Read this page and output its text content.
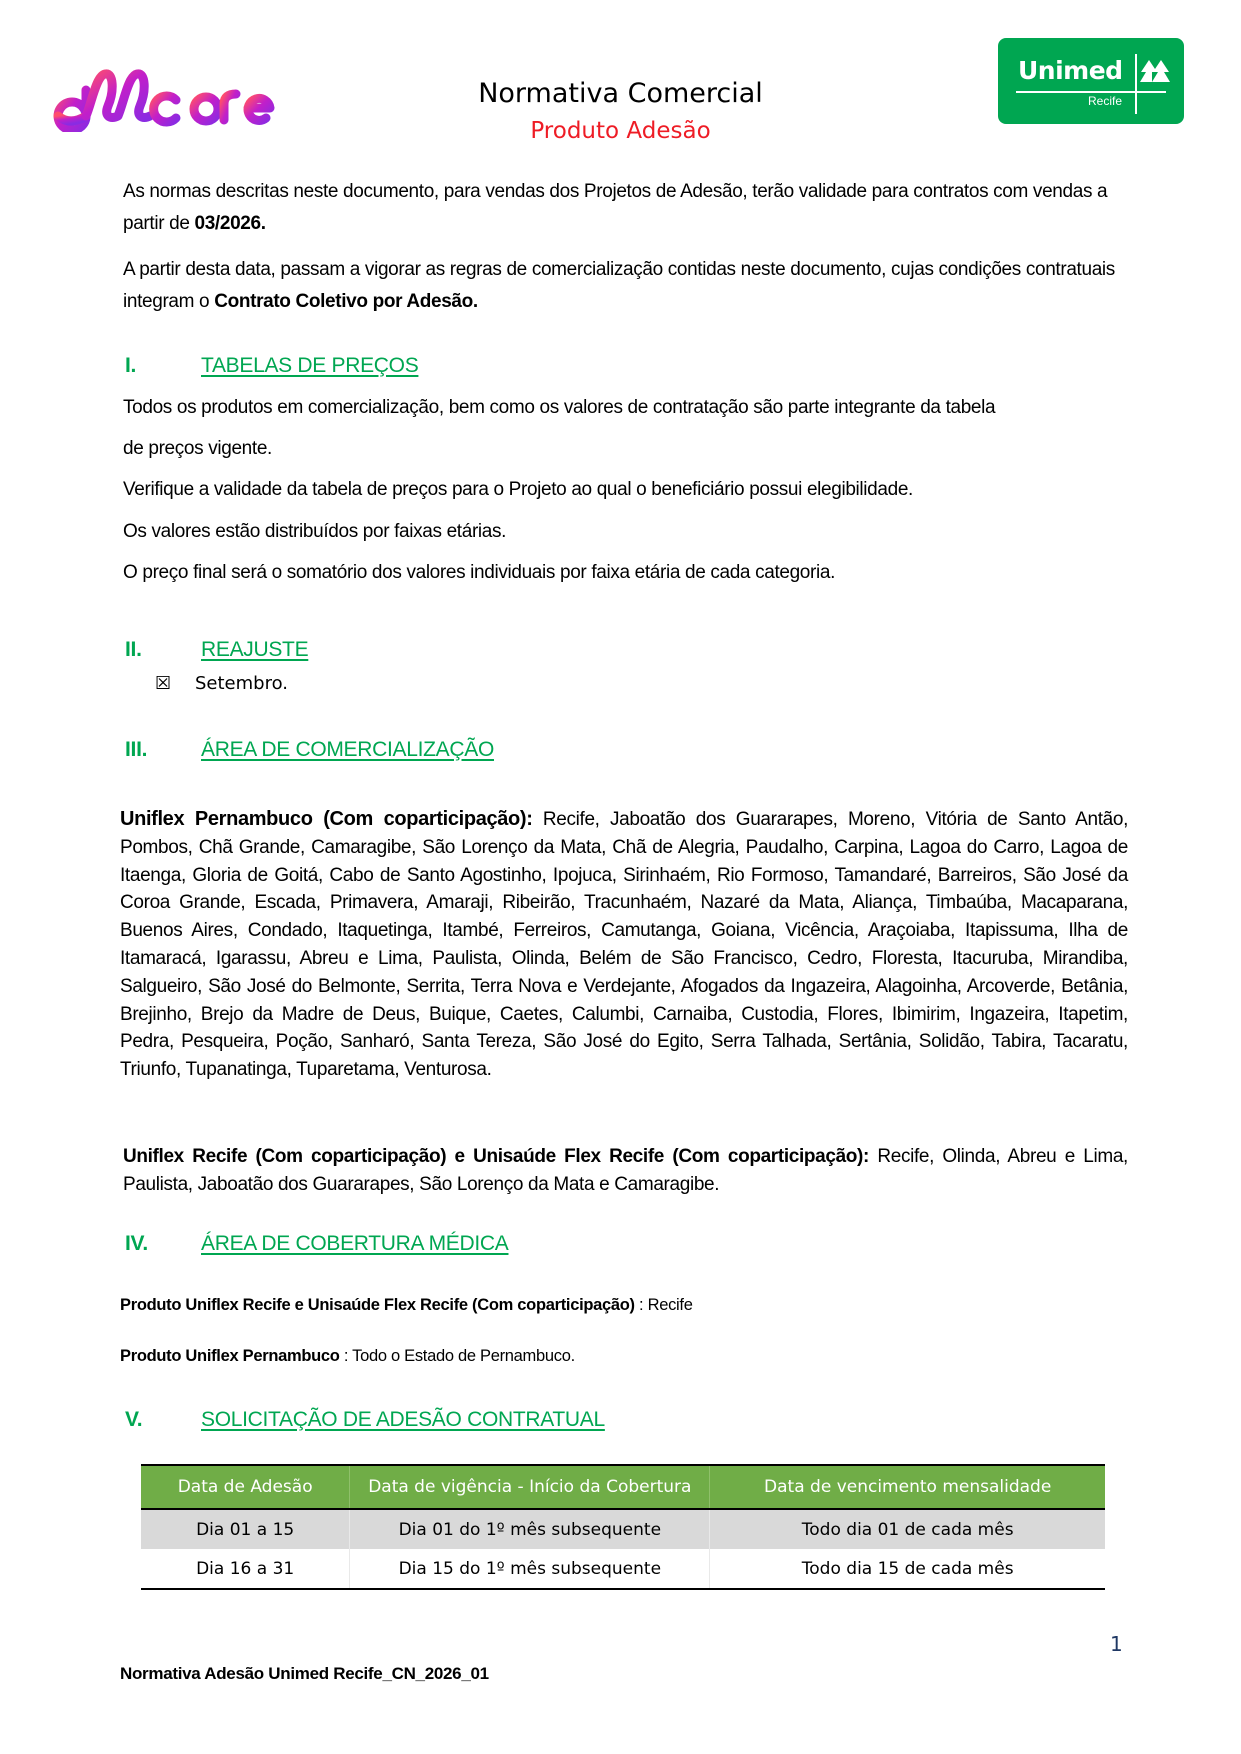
Unimed
Recife
Normativa Comercial
Produto Adesão
As normas descritas neste documento, para vendas dos Projetos de Adesão, terão validade para contratos com vendas a partir de 03/2026.
A partir desta data, passam a vigorar as regras de comercialização contidas neste documento, cujas condições contratuais integram o Contrato Coletivo por Adesão.
I.	TABELAS DE PREÇOS
Todos os produtos em comercialização, bem como os valores de contratação são parte integrante da tabela
de preços vigente.
Verifique a validade da tabela de preços para o Projeto ao qual o beneficiário possui elegibilidade.
Os valores estão distribuídos por faixas etárias.
O preço final será o somatório dos valores individuais por faixa etária de cada categoria.
II.	REAJUSTE
☒ Setembro.
III.	ÁREA DE COMERCIALIZAÇÃO
Uniflex Pernambuco (Com coparticipação): Recife, Jaboatão dos Guararapes, Moreno, Vitória de Santo Antão, Pombos, Chã Grande, Camaragibe, São Lorenço da Mata, Chã de Alegria, Paudalho, Carpina, Lagoa do Carro, Lagoa de Itaenga, Gloria de Goitá, Cabo de Santo Agostinho, Ipojuca, Sirinhaém, Rio Formoso, Tamandaré, Barreiros, São José da Coroa Grande, Escada, Primavera, Amaraji, Ribeirão, Tracunhaém, Nazaré da Mata, Aliança, Timbaúba, Macaparana, Buenos Aires, Condado, Itaquetinga, Itambé, Ferreiros, Camutanga, Goiana, Vicência, Araçoiaba, Itapissuma, Ilha de Itamaracá, Igarassu, Abreu e Lima, Paulista, Olinda, Belém de São Francisco, Cedro, Floresta, Itacuruba, Mirandiba, Salgueiro, São José do Belmonte, Serrita, Terra Nova e Verdejante, Afogados da Ingazeira, Alagoinha, Arcoverde, Betânia, Brejinho, Brejo da Madre de Deus, Buique, Caetes, Calumbi, Carnaiba, Custodia, Flores, Ibimirim, Ingazeira, Itapetim, Pedra, Pesqueira, Poção, Sanharó, Santa Tereza, São José do Egito, Serra Talhada, Sertânia, Solidão, Tabira, Tacaratu, Triunfo, Tupanatinga, Tuparetama, Venturosa.
Uniflex Recife (Com coparticipação) e Unisaúde Flex Recife (Com coparticipação): Recife, Olinda, Abreu e Lima, Paulista, Jaboatão dos Guararapes, São Lorenço da Mata e Camaragibe.
IV.	ÁREA DE COBERTURA MÉDICA
Produto Uniflex Recife e Unisaúde Flex Recife (Com coparticipação) : Recife
Produto Uniflex Pernambuco : Todo o Estado de Pernambuco.
V.	SOLICITAÇÃO DE ADESÃO CONTRATUAL
Data de Adesão	Data de vigência - Início da Cobertura	Data de vencimento mensalidade
Dia 01 a 15	Dia 01 do 1º mês subsequente	Todo dia 01 de cada mês
Dia 16 a 31	Dia 15 do 1º mês subsequente	Todo dia 15 de cada mês
1
Normativa Adesão Unimed Recife_CN_2026_01
